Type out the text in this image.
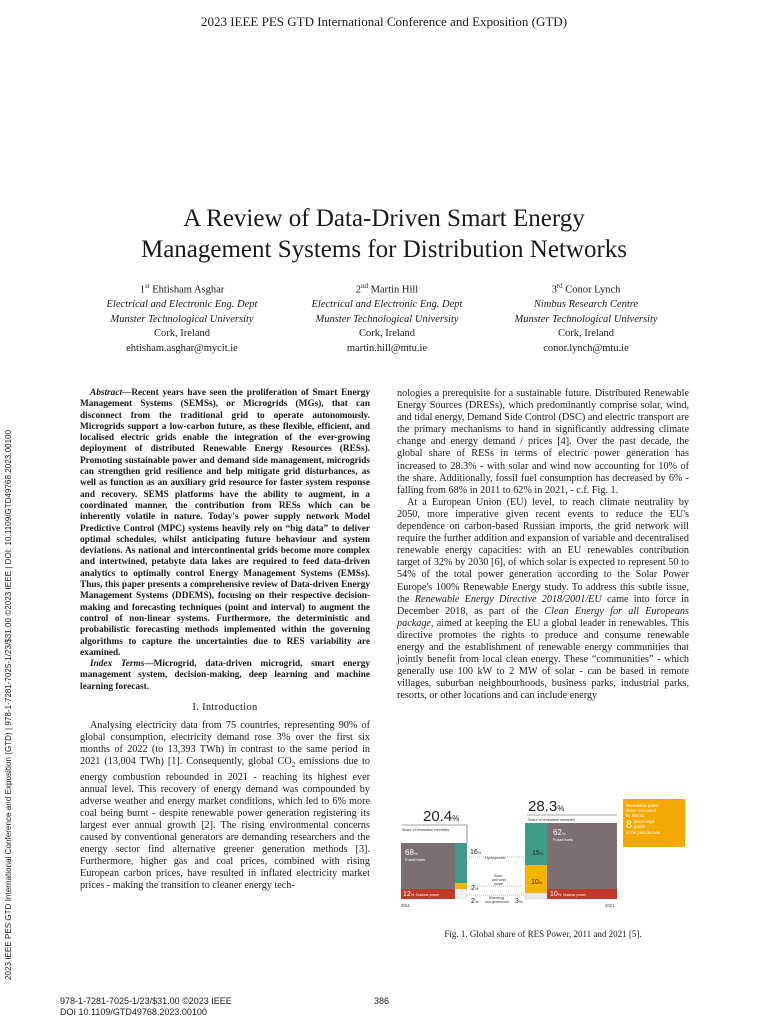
2023 IEEE PES GTD International Conference and Exposition (GTD)
2023 IEEE PES GTD International Conference and Exposition (GTD) | 978-1-7281-7025-1/23/$31.00 ©2023 IEEE | DOI: 10.1109/GTD49768.2023.00100
A Review of Data-Driven Smart Energy
Management Systems for Distribution Networks
1st Ehtisham Asghar
Electrical and Electronic Eng. Dept
Munster Technological University
Cork, Ireland
ehtisham.asghar@mycit.ie
2nd Martin Hill
Electrical and Electronic Eng. Dept
Munster Technological University
Cork, Ireland
martin.hill@mtu.ie
3rd Conor Lynch
Nimbus Research Centre
Munster Technological University
Cork, Ireland
conor.lynch@mtu.ie

Abstract—Recent years have seen the proliferation of Smart Energy Management Systems (SEMSs), or Microgrids (MGs), that can disconnect from the traditional grid to operate autonomously. Microgrids support a low-carbon future, as these flexible, efficient, and localised electric grids enable the integration of the ever-growing deployment of distributed Renewable Energy Resources (RESs). Promoting sustainable power and demand side management, microgrids can strengthen grid resilience and help mitigate grid disturbances, as well as function as an auxiliary grid resource for faster system response and recovery. SEMS platforms have the ability to augment, in a coordinated manner, the contribution from RESs which can be inherently volatile in nature. Today's power supply network Model Predictive Control (MPC) systems heavily rely on “big data” to deliver optimal schedules, whilst anticipating future behaviour and system deviations. As national and intercontinental grids become more complex and intertwined, petabyte data lakes are required to feed data-driven analytics to optimally control Energy Management Systems (EMSs). Thus, this paper presents a comprehensive review of Data-driven Energy Management Systems (DDEMS), focusing on their respective decision-making and forecasting techniques (point and interval) to augment the control of non-linear systems. Furthermore, the deterministic and probabilistic forecasting methods implemented within the governing algorithms to capture the uncertainties due to RES variability are examined.

Index Terms—Microgrid, data-driven microgrid, smart energy management system, decision-making, deep learning and machine learning forecast.

I. Introduction

Analysing electricity data from 75 countries, representing 90% of global consumption, electricity demand rose 3% over the first six months of 2022 (to 13,393 TWh) in contrast to the same period in 2021 (13,004 TWh) [1]. Consequently, global $CO_2$ emissions due to energy combustion rebounded in 2021 - reaching its highest ever annual level. This recovery of energy demand was compounded by adverse weather and energy market conditions, which led to 6% more coal being burnt - despite renewable power generation registering its largest ever annual growth [2]. The rising environmental concerns caused by conventional generators are demanding researchers and the energy sector find alternative greener generation methods [3]. Furthermore, higher gas and coal prices, combined with rising European carbon prices, have resulted in inflated electricity market prices - making the transition to cleaner energy tech-

nologies a prerequisite for a sustainable future. Distributed Renewable Energy Sources (DRESs), which predominantly comprise solar, wind, and tidal energy, Demand Side Control (DSC) and electric transport are the primary mechanisms to hand in significantly addressing climate change and energy demand / prices [4]. Over the past decade, the global share of RESs in terms of electric power generation has increased to 28.3% - with solar and wind now accounting for 10% of the share. Additionally, fossil fuel consumption has decreased by 6% - falling from 68% in 2011 to 62% in 2021, - c.f. Fig. 1.

At a European Union (EU) level, to reach climate neutrality by 2050, more imperative given recent events to reduce the EU's dependence on carbon-based Russian imports, the grid network will require the further addition and expansion of variable and decentralised renewable energy capacities: with an EU renewables contribution target of 32% by 2030 [6], of which solar is expected to represent 50 to 54% of the total power generation according to the Solar Power Europe's 100% Renewable Energy study. To address this subtle issue, the Renewable Energy Directive 2018/2001/EU came into force in December 2018, as part of the Clean Energy for all Europeans package, aimed at keeping the EU a global leader in renewables. This directive promotes the rights to produce and consume renewable energy and the establishment of renewable energy communities that jointly benefit from local clean energy. These “communities” - which generally use 100 kW to 2 MW of solar - can be based in remote villages, suburban neighbourhoods, business parks, industrial parks, resorts, or other locations and can include energy

20.4%
Share of renewable electricity
28.3%
Share of renewable electricity
68%
Fossil fuels
12% Nuclear power
62%
Fossil fuels
10% Nuclear power
16%
Hydropower
15%
2%
Solar
and wind
power	10%
2%
Bioenergy
and geothermal 3%
2011	2021
Renewable power
share increased
by almost
8 percentage
points
in the past decade.
Fig. 1. Global share of RES Power, 2011 and 2021 [5].
978-1-7281-7025-1/23/$31.00 ©2023 IEEE
DOI 10.1109/GTD49768.2023.00100
386
